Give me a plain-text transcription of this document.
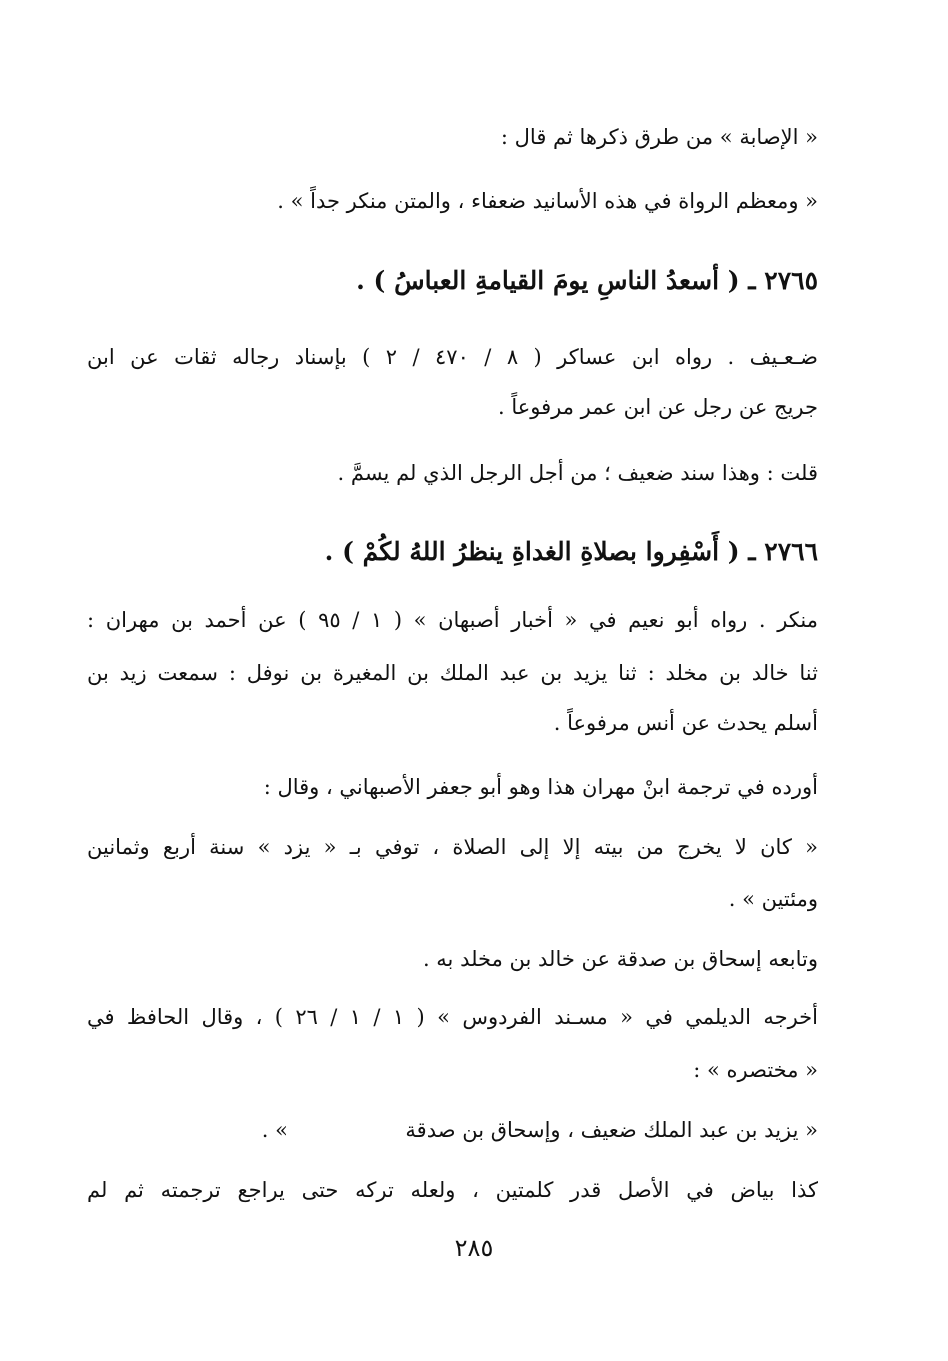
« الإصابة » من طرق ذكرها ثم قال :
« ومعظم الرواة في هذه الأسانيد ضعفاء ، والمتن منكر جداً » .
٢٧٦٥ ـ ( أسعدُ الناسِ يومَ القيامةِ العباسُ ) .
ضـعـيف . رواه ابن عساكر ( ٨ / ٤٧٠ / ٢ ) بإسناد رجاله ثقات عن ابن
جريج عن رجل عن ابن عمر مرفوعاً .
قلت : وهذا سند ضعيف ؛ من أجل الرجل الذي لم يسمَّ .
٢٧٦٦ ـ ( أَسْفِروا بصلاةِ الغداةِ ينظرُ اللهُ لكُمْ ) .
منكر . رواه أبو نعيم في « أخبار أصبهان » ( ١ / ٩٥ ) عن أحمد بن مهران :
ثنا خالد بن مخلد : ثنا يزيد بن عبد الملك بن المغيرة بن نوفل : سمعت زيد بن
أسلم يحدث عن أنس مرفوعاً .
أورده في ترجمة ابنْ مهران هذا وهو أبو جعفر الأصبهاني ، وقال :
« كان لا يخرج من بيته إلا إلى الصلاة ، توفي بـ « يزد » سنة أربع وثمانين
ومئتين » .
وتابعه إسحاق بن صدقة عن خالد بن مخلد به .
أخرجه الديلمي في « مسـند الفردوس » ( ١ / ١ / ٢٦ ) ، وقال الحافظ في
« مختصره » :
« يزيد بن عبد الملك ضعيف ، وإسحاق بن صدقة
» .
كذا بياض في الأصل قدر كلمتين ، ولعله تركه حتى يراجع ترجمته ثم لم
٢٨٥
